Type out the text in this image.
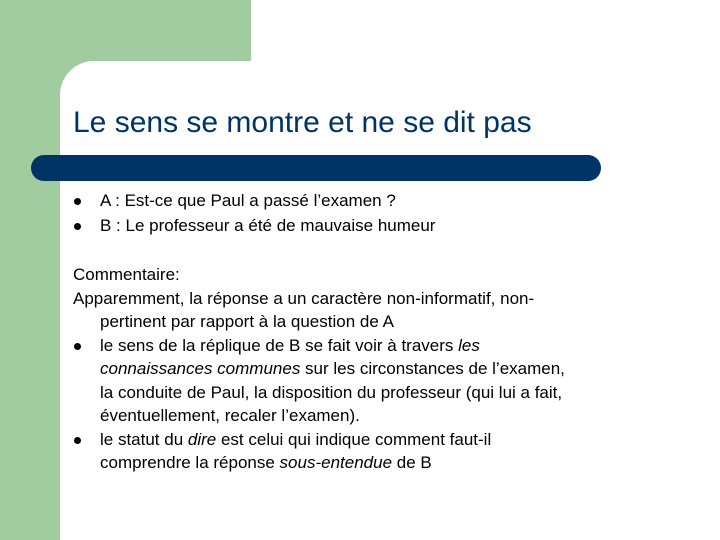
Le sens se montre et ne se dit pas
A : Est-ce que Paul a passé l’examen ?
B : Le professeur a été de mauvaise humeur
Commentaire:
Apparemment, la réponse a un caractère non-informatif, non-
pertinent par rapport à la question de A
le sens de la réplique de B se fait voir à travers les
connaissances communes sur les circonstances de l’examen,
la conduite de Paul, la disposition du professeur (qui lui a fait,
éventuellement, recaler l’examen).
le statut du dire est celui qui indique comment faut-il
comprendre la réponse sous-entendue de B
